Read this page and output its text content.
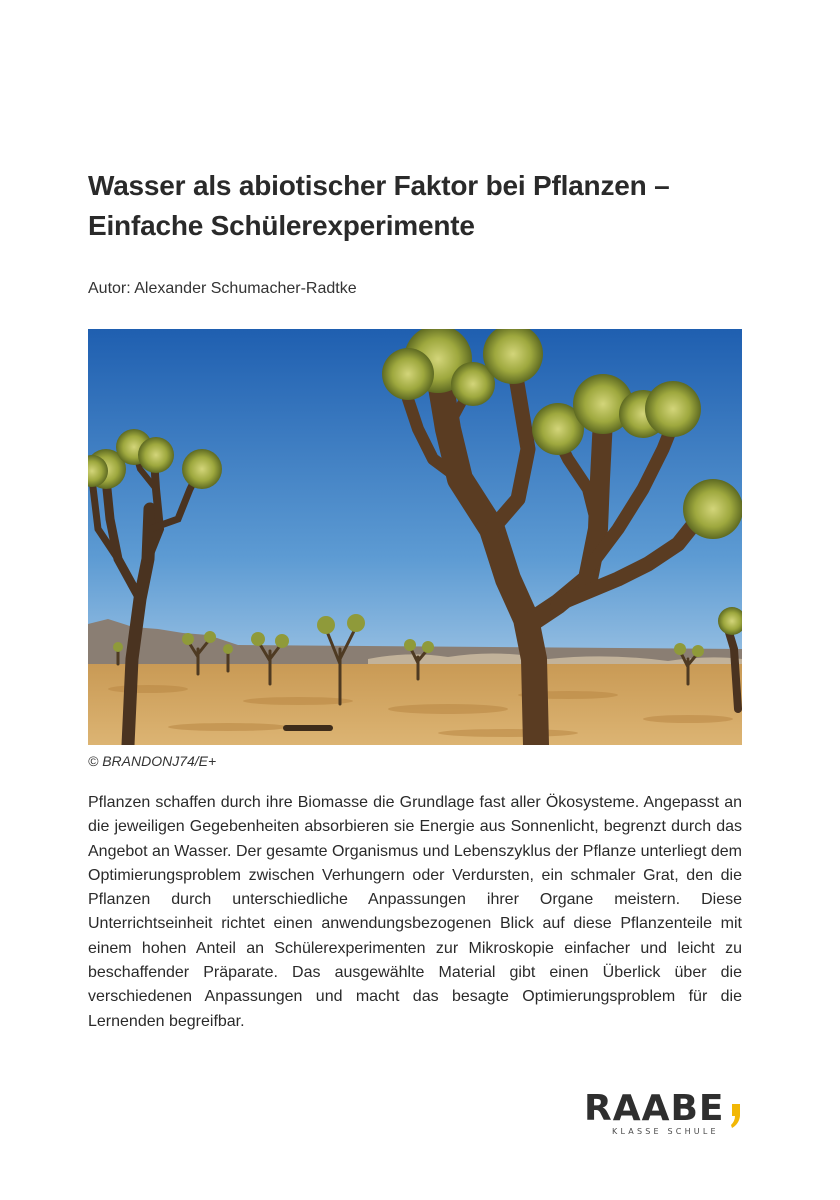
Wasser als abiotischer Faktor bei Pflanzen –
Einfache Schülerexperimente
Autor: Alexander Schumacher-Radtke
© BRANDONJ74/E+

Pflanzen schaffen durch ihre Biomasse die Grundlage fast aller Ökosysteme. Angepasst an die jeweiligen Gegebenheiten absorbieren sie Energie aus Sonnenlicht, begrenzt durch das Angebot an Wasser. Der gesamte Organismus und Lebenszyklus der Pflanze unterliegt dem Optimierungsproblem zwischen Verhungern oder Verdursten, ein schmaler Grat, den die Pflanzen durch unterschiedliche Anpassungen ihrer Organe meistern. Diese Unterrichtseinheit richtet einen anwendungsbezogenen Blick auf diese Pflanzenteile mit einem hohen Anteil an Schülerexperimenten zur Mikroskopie einfacher und leicht zu beschaffender Präparate. Das ausgewählte Material gibt einen Überlick über die verschiedenen Anpassungen und macht das besagte Optimierungsproblem für die Lernenden begreifbar.

RAABE
KLASSE SCHULE
